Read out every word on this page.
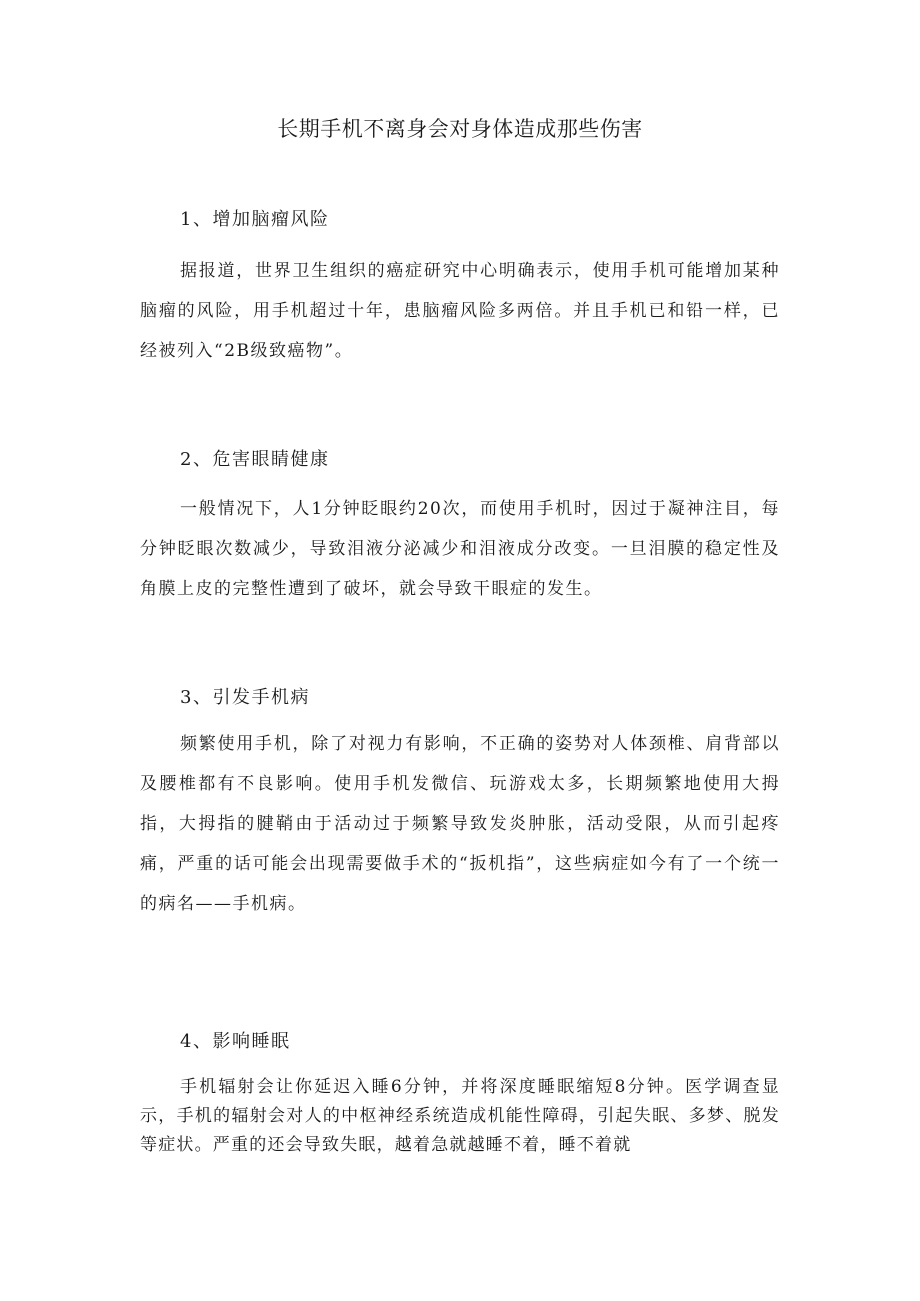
长期手机不离身会对身体造成那些伤害
1、增加脑瘤风险

据报道，世界卫生组织的癌症研究中心明确表示，使用手机可能增加某种脑瘤的风险，用手机超过十年，患脑瘤风险多两倍。并且手机已和铅一样，已经被列入“2B级致癌物”。

2、危害眼睛健康

一般情况下，人1分钟眨眼约20次，而使用手机时，因过于凝神注目，每分钟眨眼次数减少，导致泪液分泌减少和泪液成分改变。一旦泪膜的稳定性及角膜上皮的完整性遭到了破坏，就会导致干眼症的发生。

3、引发手机病

频繁使用手机，除了对视力有影响，不正确的姿势对人体颈椎、肩背部以及腰椎都有不良影响。使用手机发微信、玩游戏太多，长期频繁地使用大拇指，大拇指的腱鞘由于活动过于频繁导致发炎肿胀，活动受限，从而引起疼痛，严重的话可能会出现需要做手术的“扳机指”，这些病症如今有了一个统一的病名——手机病。

4、影响睡眠

手机辐射会让你延迟入睡6分钟，并将深度睡眠缩短8分钟。医学调查显示，手机的辐射会对人的中枢神经系统造成机能性障碍，引起失眠、多梦、脱发等症状。严重的还会导致失眠，越着急就越睡不着，睡不着就
